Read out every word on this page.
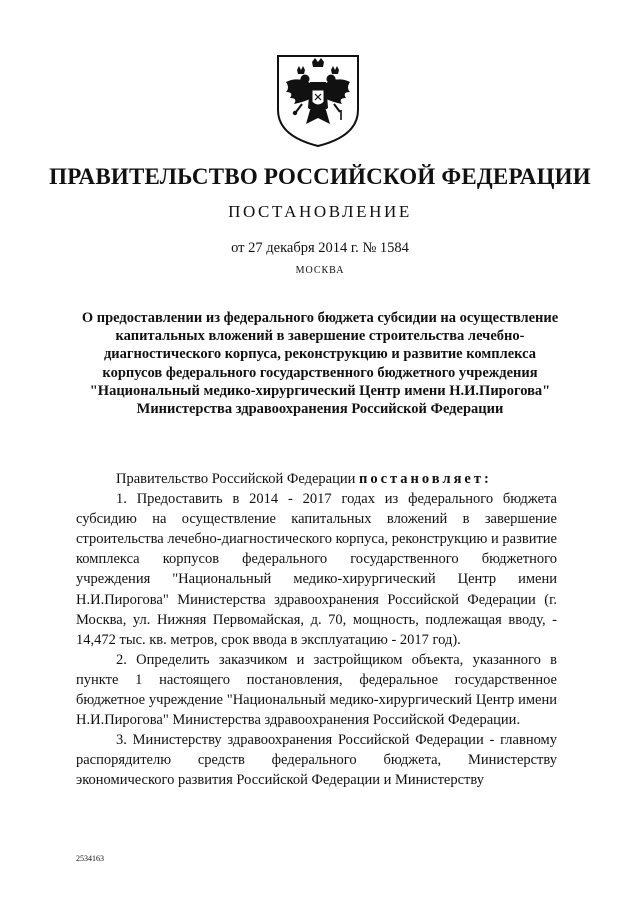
ПРАВИТЕЛЬСТВО РОССИЙСКОЙ ФЕДЕРАЦИИ
ПОСТАНОВЛЕНИЕ
от 27 декабря 2014 г. № 1584
МОСКВА
О предоставлении из федерального бюджета субсидии на осуществление капитальных вложений в завершение строительства лечебно-диагностического корпуса, реконструкцию и развитие комплекса корпусов федерального государственного бюджетного учреждения "Национальный медико-хирургический Центр имени Н.И.Пирогова" Министерства здравоохранения Российской Федерации

Правительство Российской Федерации постановляет:

1. Предоставить в 2014 - 2017 годах из федерального бюджета субсидию на осуществление капитальных вложений в завершение строительства лечебно-диагностического корпуса, реконструкцию и развитие комплекса корпусов федерального государственного бюджетного учреждения "Национальный медико-хирургический Центр имени Н.И.Пирогова" Министерства здравоохранения Российской Федерации (г. Москва, ул. Нижняя Первомайская, д. 70, мощность, подлежащая вводу, - 14,472 тыс. кв. метров, срок ввода в эксплуатацию - 2017 год).

2. Определить заказчиком и застройщиком объекта, указанного в пункте 1 настоящего постановления, федеральное государственное бюджетное учреждение "Национальный медико-хирургический Центр имени Н.И.Пирогова" Министерства здравоохранения Российской Федерации.

3. Министерству здравоохранения Российской Федерации - главному распорядителю средств федерального бюджета, Министерству экономического развития Российской Федерации и Министерству

2534163
